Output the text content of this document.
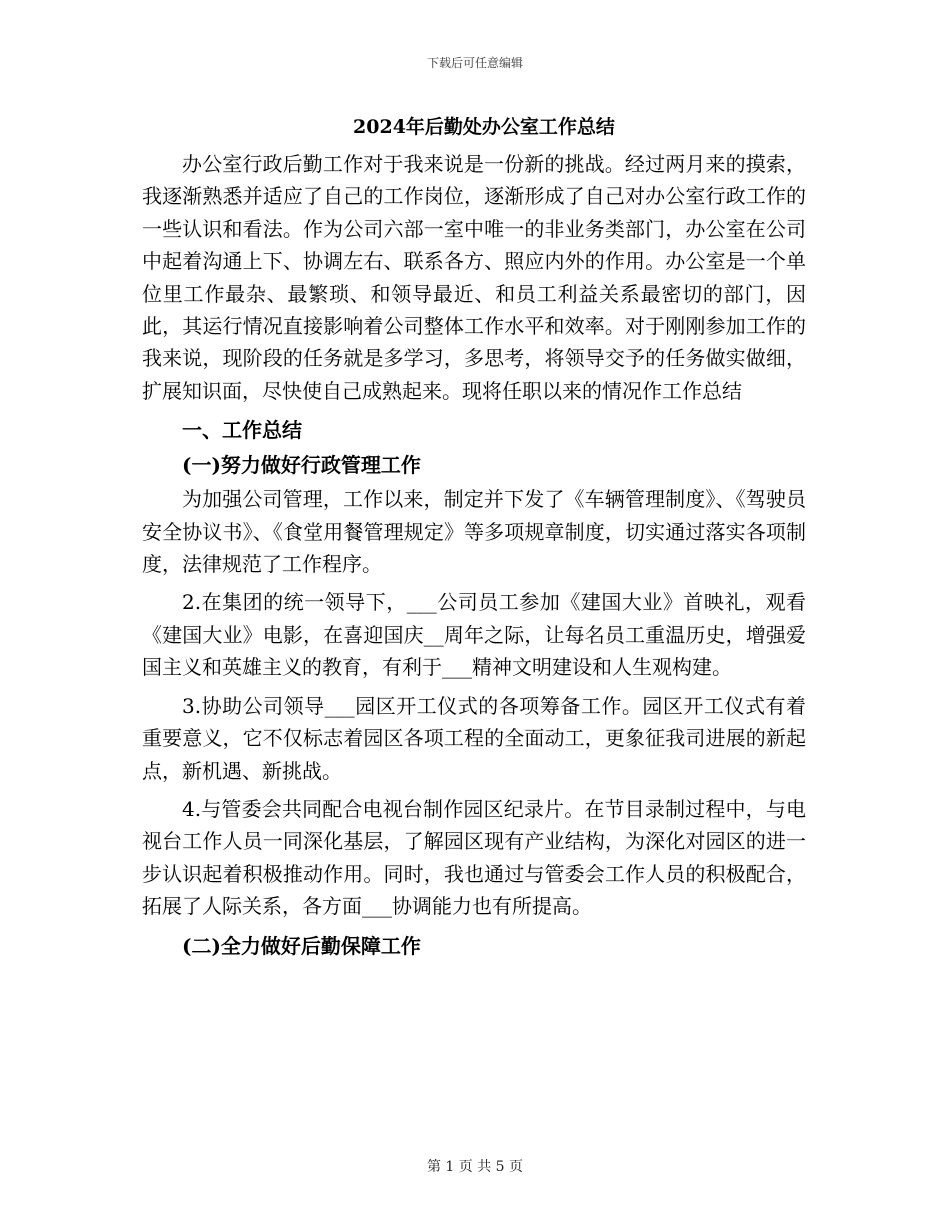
下载后可任意编辑
2024年后勤处办公室工作总结

办公室行政后勤工作对于我来说是一份新的挑战。经过两月来的摸索，我逐渐熟悉并适应了自己的工作岗位，逐渐形成了自己对办公室行政工作的一些认识和看法。作为公司六部一室中唯一的非业务类部门，办公室在公司中起着沟通上下、协调左右、联系各方、照应内外的作用。办公室是一个单位里工作最杂、最繁琐、和领导最近、和员工利益关系最密切的部门，因此，其运行情况直接影响着公司整体工作水平和效率。对于刚刚参加工作的我来说，现阶段的任务就是多学习，多思考，将领导交予的任务做实做细，扩展知识面，尽快使自己成熟起来。现将任职以来的情况作工作总结

一、工作总结
(一)努力做好行政管理工作

为加强公司管理，工作以来，制定并下发了《车辆管理制度》、《驾驶员安全协议书》、《食堂用餐管理规定》等多项规章制度，切实通过落实各项制度，法律规范了工作程序。

2.在集团的统一领导下，___公司员工参加《建国大业》首映礼，观看《建国大业》电影，在喜迎国庆__周年之际，让每名员工重温历史，增强爱国主义和英雄主义的教育，有利于___精神文明建设和人生观构建。

3.协助公司领导___园区开工仪式的各项筹备工作。园区开工仪式有着重要意义，它不仅标志着园区各项工程的全面动工，更象征我司进展的新起点，新机遇、新挑战。

4.与管委会共同配合电视台制作园区纪录片。在节目录制过程中，与电视台工作人员一同深化基层，了解园区现有产业结构，为深化对园区的进一步认识起着积极推动作用。同时，我也通过与管委会工作人员的积极配合，拓展了人际关系，各方面___协调能力也有所提高。

(二)全力做好后勤保障工作
第 1 页 共 5 页
